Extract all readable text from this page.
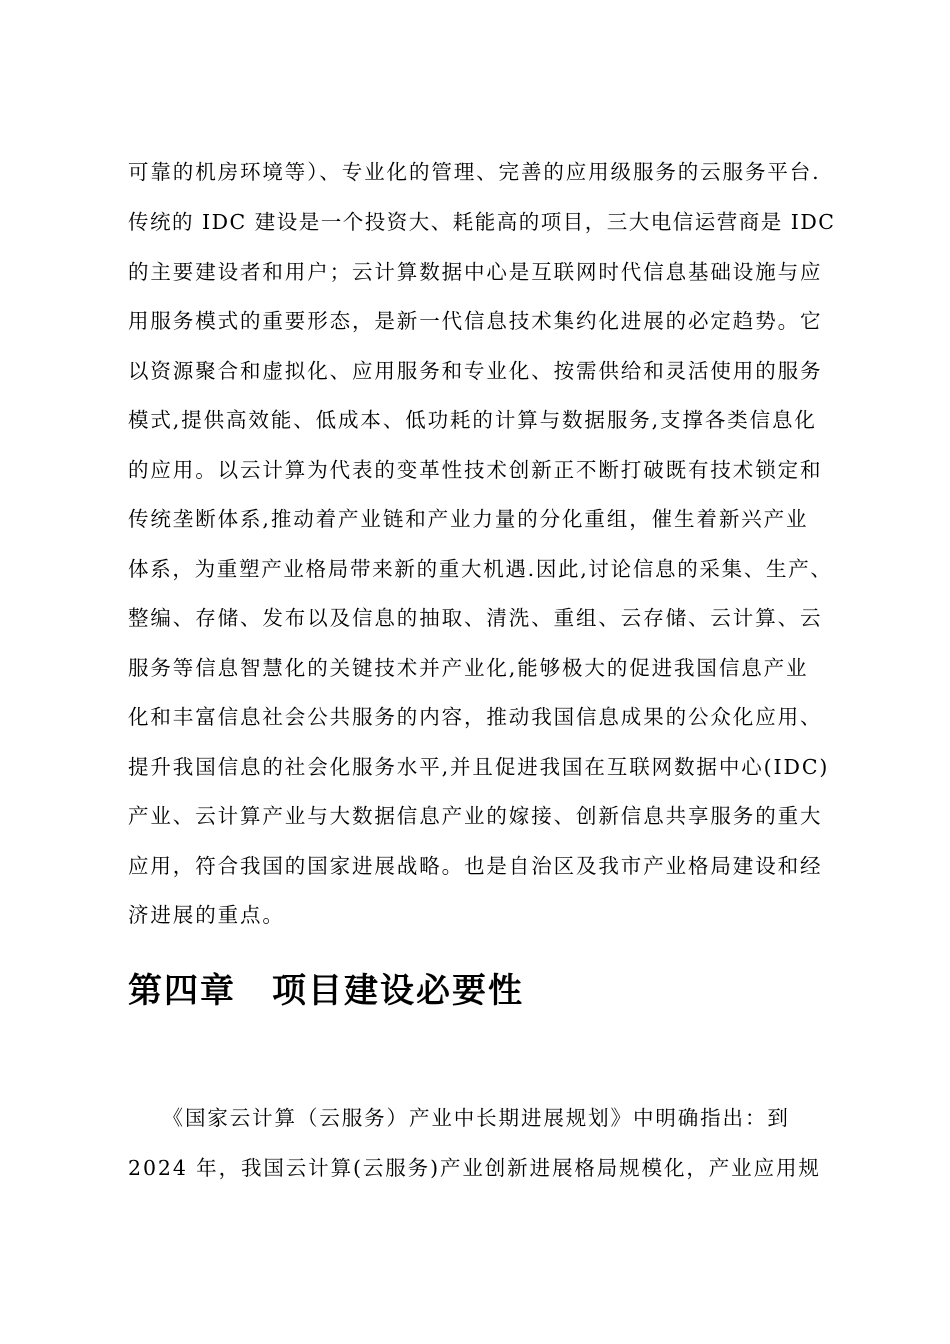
可靠的机房环境等）、专业化的管理、完善的应用级服务的云服务平台.
传统的 IDC 建设是一个投资大、耗能高的项目，三大电信运营商是 IDC
的主要建设者和用户；云计算数据中心是互联网时代信息基础设施与应
用服务模式的重要形态，是新一代信息技术集约化进展的必定趋势。它
以资源聚合和虚拟化、应用服务和专业化、按需供给和灵活使用的服务
模式,提供高效能、低成本、低功耗的计算与数据服务,支撑各类信息化
的应用。以云计算为代表的变革性技术创新正不断打破既有技术锁定和
传统垄断体系,推动着产业链和产业力量的分化重组，催生着新兴产业
体系，为重塑产业格局带来新的重大机遇.因此,讨论信息的采集、生产、
整编、存储、发布以及信息的抽取、清洗、重组、云存储、云计算、云
服务等信息智慧化的关键技术并产业化,能够极大的促进我国信息产业
化和丰富信息社会公共服务的内容，推动我国信息成果的公众化应用、
提升我国信息的社会化服务水平,并且促进我国在互联网数据中心(IDC)
产业、云计算产业与大数据信息产业的嫁接、创新信息共享服务的重大
应用，符合我国的国家进展战略。也是自治区及我市产业格局建设和经
济进展的重点。
第四章　项目建设必要性
　　《国家云计算（云服务）产业中长期进展规划》中明确指出：到
2024 年，我国云计算(云服务)产业创新进展格局规模化，产业应用规
